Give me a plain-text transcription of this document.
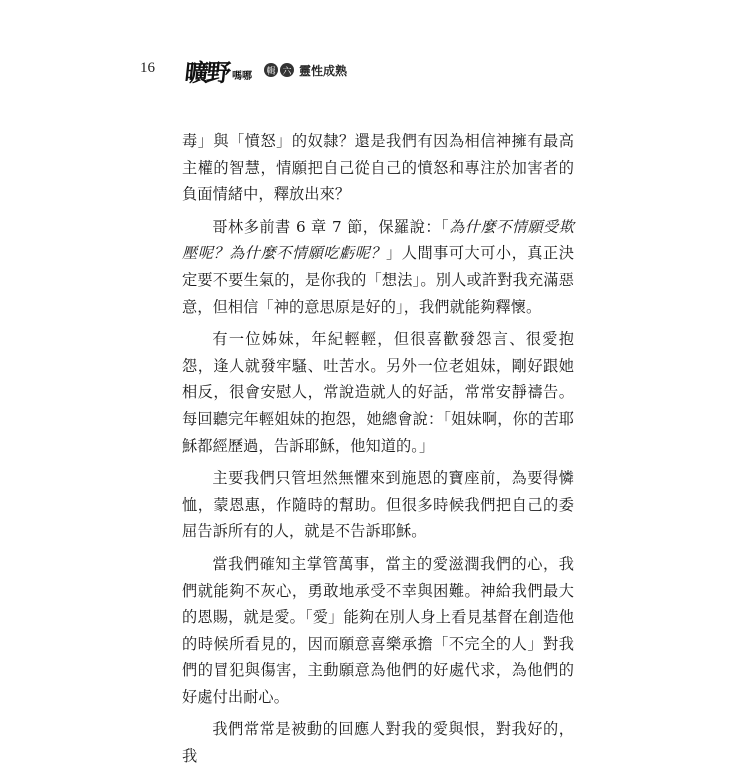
16 曠野 嗎哪 輯 六 靈性成熟

毒」與「憤怒」的奴隸？還是我們有因為相信神擁有最高主權的智慧，情願把自己從自己的憤怒和專注於加害者的負面情緒中，釋放出來？

哥林多前書 6 章 7 節，保羅說：「為什麼不情願受欺壓呢？為什麼不情願吃虧呢？」人間事可大可小，真正決定要不要生氣的，是你我的「想法」。別人或許對我充滿惡意，但相信「神的意思原是好的」，我們就能夠釋懷。

有一位姊妹，年紀輕輕，但很喜歡發怨言、很愛抱怨，逢人就發牢騷、吐苦水。另外一位老姐妹，剛好跟她相反，很會安慰人，常說造就人的好話，常常安靜禱告。每回聽完年輕姐妹的抱怨，她總會說：「姐妹啊，你的苦耶穌都經歷過，告訴耶穌，他知道的。」

主要我們只管坦然無懼來到施恩的寶座前，為要得憐恤，蒙恩惠，作隨時的幫助。但很多時候我們把自己的委屈告訴所有的人，就是不告訴耶穌。

當我們確知主掌管萬事，當主的愛滋潤我們的心，我們就能夠不灰心，勇敢地承受不幸與困難。神給我們最大的恩賜，就是愛。「愛」能夠在別人身上看見基督在創造他的時候所看見的，因而願意喜樂承擔「不完全的人」對我們的冒犯與傷害，主動願意為他們的好處代求，為他們的好處付出耐心。

我們常常是被動的回應人對我的愛與恨，對我好的，我
